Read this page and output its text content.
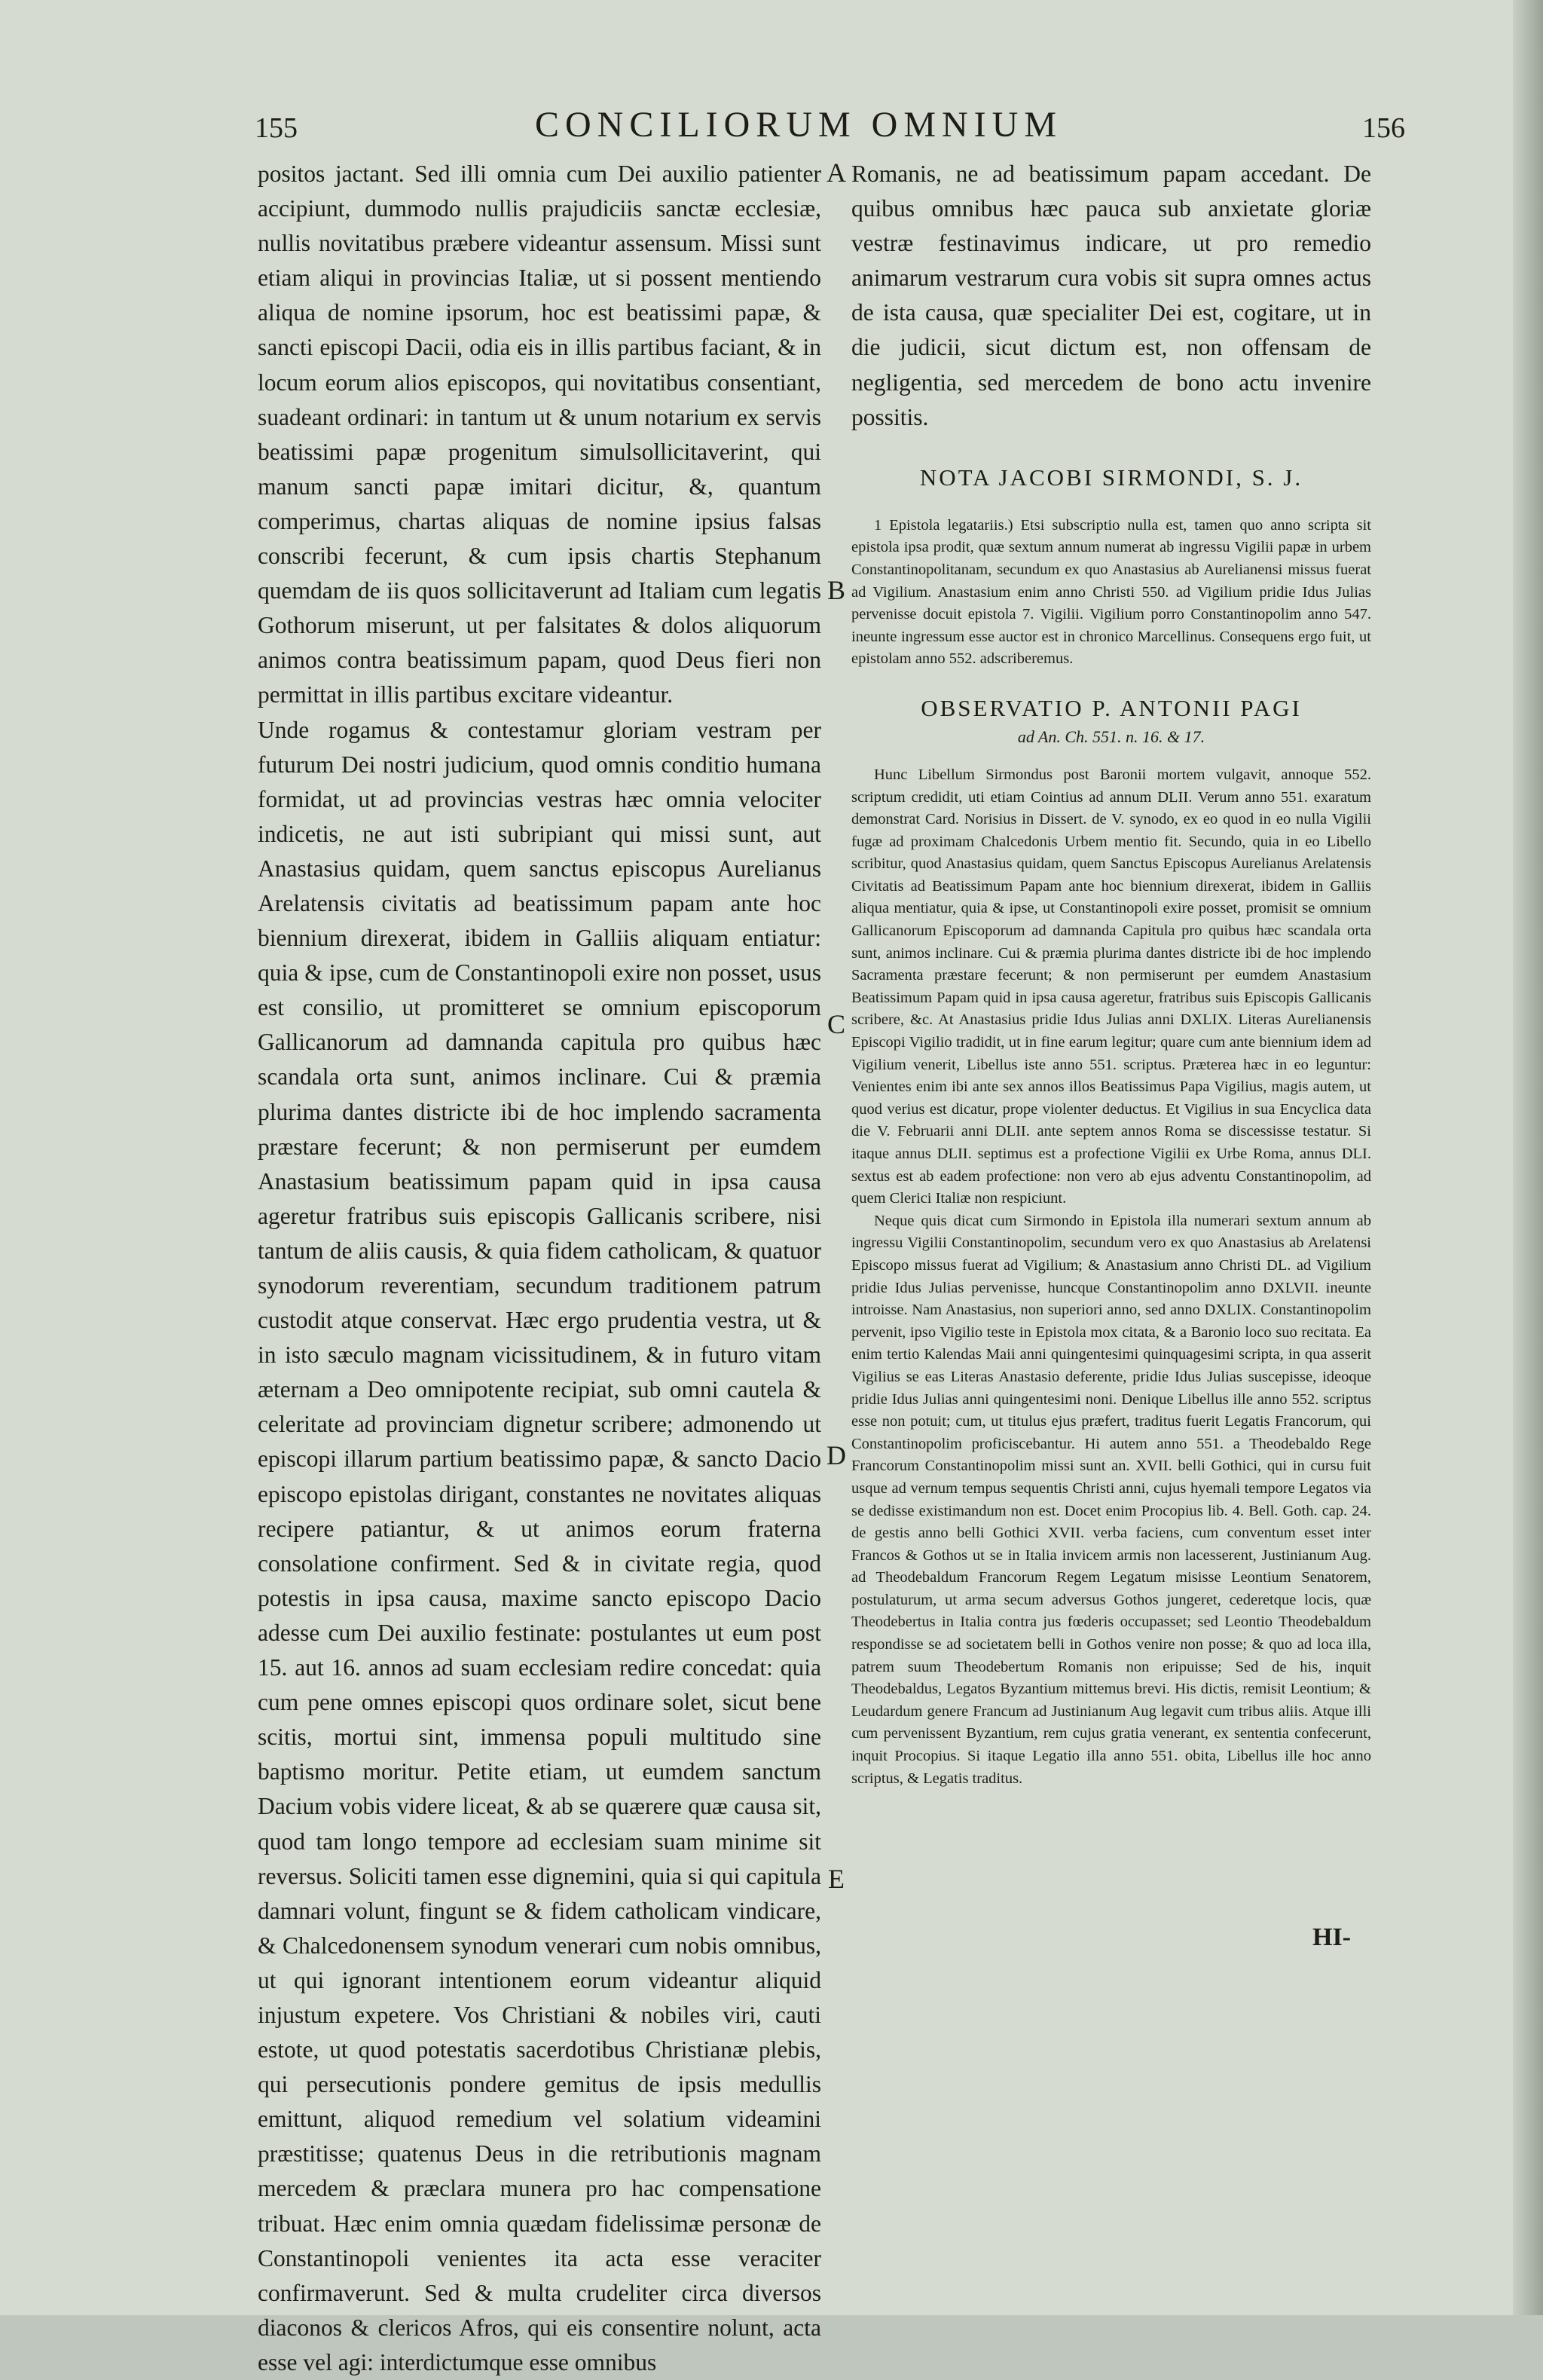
155	CONCILIORUM OMNIUM	156

positos jactant. Sed illi omnia cum Dei auxilio patienter accipiunt, dummodo nullis prajudiciis sanctæ ecclesiæ, nullis novitatibus præbere videantur assensum. Missi sunt etiam aliqui in provincias Italiæ, ut si possent mentiendo aliqua de nomine ipsorum, hoc est beatissimi papæ, & sancti episcopi Dacii, odia eis in illis partibus faciant, & in locum eorum alios episcopos, qui novitatibus consentiant, suadeant ordinari: in tantum ut & unum notarium ex servis beatissimi papæ progenitum simulsollicitaverint, qui manum sancti papæ imitari dicitur, &, quantum comperimus, chartas aliquas de nomine ipsius falsas conscribi fecerunt, & cum ipsis chartis Stephanum quemdam de iis quos sollicitaverunt ad Italiam cum legatis Gothorum miserunt, ut per falsitates & dolos aliquorum animos contra beatissimum papam, quod Deus fieri non permittat in illis partibus excitare videantur.

Unde rogamus & contestamur gloriam vestram per futurum Dei nostri judicium, quod omnis conditio humana formidat, ut ad provincias vestras hæc omnia velociter indicetis, ne aut isti subripiant qui missi sunt, aut Anastasius quidam, quem sanctus episcopus Aurelianus Arelatensis civitatis ad beatissimum papam ante hoc biennium direxerat, ibidem in Galliis aliquam entiatur: quia & ipse, cum de Constantinopoli exire non posset, usus est consilio, ut promitteret se omnium episcoporum Gallicanorum ad damnanda capitula pro quibus hæc scandala orta sunt, animos inclinare. Cui & præmia plurima dantes districte ibi de hoc implendo sacramenta præstare fecerunt; & non permiserunt per eumdem Anastasium beatissimum papam quid in ipsa causa ageretur fratribus suis episcopis Gallicanis scribere, nisi tantum de aliis causis, & quia fidem catholicam, & quatuor synodorum reverentiam, secundum traditionem patrum custodit atque conservat. Hæc ergo prudentia vestra, ut & in isto sæculo magnam vicissitudinem, & in futuro vitam æternam a Deo omnipotente recipiat, sub omni cautela & celeritate ad provinciam dignetur scribere; admonendo ut episcopi illarum partium beatissimo papæ, & sancto Dacio episcopo epistolas dirigant, constantes ne novitates aliquas recipere patiantur, & ut animos eorum fraterna consolatione confirment. Sed & in civitate regia, quod potestis in ipsa causa, maxime sancto episcopo Dacio adesse cum Dei auxilio festinate: postulantes ut eum post 15. aut 16. annos ad suam ecclesiam redire concedat: quia cum pene omnes episcopi quos ordinare solet, sicut bene scitis, mortui sint, immensa populi multitudo sine baptismo moritur. Petite etiam, ut eumdem sanctum Dacium vobis videre liceat, & ab se quærere quæ causa sit, quod tam longo tempore ad ecclesiam suam minime sit reversus. Soliciti tamen esse dignemini, quia si qui capitula damnari volunt, fingunt se & fidem catholicam vindicare, & Chalcedonensem synodum venerari cum nobis omnibus, ut qui ignorant intentionem eorum videantur aliquid injustum expetere. Vos Christiani & nobiles viri, cauti estote, ut quod potestatis sacerdotibus Christianæ plebis, qui persecutionis pondere gemitus de ipsis medullis emittunt, aliquod remedium vel solatium videamini præstitisse; quatenus Deus in die retributionis magnam mercedem & præclara munera pro hac compensatione tribuat. Hæc enim omnia quædam fidelissimæ personæ de Constantinopoli venientes ita acta esse veraciter confirmaverunt. Sed & multa crudeliter circa diversos diaconos & clericos Afros, qui eis consentire nolunt, acta esse vel agi: interdictumque esse omnibus

A
B
C
D
E

Romanis, ne ad beatissimum papam accedant. De quibus omnibus hæc pauca sub anxietate gloriæ vestræ festinavimus indicare, ut pro remedio animarum vestrarum cura vobis sit supra omnes actus de ista causa, quæ specialiter Dei est, cogitare, ut in die judicii, sicut dictum est, non offensam de negligentia, sed mercedem de bono actu invenire possitis.

NOTA JACOBI SIRMONDI, S. J.

1 Epistola legatariis.) Etsi subscriptio nulla est, tamen quo anno scripta sit epistola ipsa prodit, quæ sextum annum numerat ab ingressu Vigilii papæ in urbem Constantinopolitanam, secundum ex quo Anastasius ab Aurelianensi missus fuerat ad Vigilium. Anastasium enim anno Christi 550. ad Vigilium pridie Idus Julias pervenisse docuit epistola 7. Vigilii. Vigilium porro Constantinopolim anno 547. ineunte ingressum esse auctor est in chronico Marcellinus. Consequens ergo fuit, ut epistolam anno 552. adscriberemus.

OBSERVATIO P. ANTONII PAGI
ad An. Ch. 551. n. 16. & 17.

Hunc Libellum Sirmondus post Baronii mortem vulgavit, annoque 552. scriptum credidit, uti etiam Cointius ad annum DLII. Verum anno 551. exaratum demonstrat Card. Norisius in Dissert. de V. synodo, ex eo quod in eo nulla Vigilii fugæ ad proximam Chalcedonis Urbem mentio fit. Secundo, quia in eo Libello scribitur, quod Anastasius quidam, quem Sanctus Episcopus Aurelianus Arelatensis Civitatis ad Beatissimum Papam ante hoc biennium direxerat, ibidem in Galliis aliqua mentiatur, quia & ipse, ut Constantinopoli exire posset, promisit se omnium Gallicanorum Episcoporum ad damnanda Capitula pro quibus hæc scandala orta sunt, animos inclinare. Cui & præmia plurima dantes districte ibi de hoc implendo Sacramenta præstare fecerunt; & non permiserunt per eumdem Anastasium Beatissimum Papam quid in ipsa causa ageretur, fratribus suis Episcopis Gallicanis scribere, &c. At Anastasius pridie Idus Julias anni DXLIX. Literas Aurelianensis Episcopi Vigilio tradidit, ut in fine earum legitur; quare cum ante biennium idem ad Vigilium venerit, Libellus iste anno 551. scriptus. Præterea hæc in eo leguntur: Venientes enim ibi ante sex annos illos Beatissimus Papa Vigilius, magis autem, ut quod verius est dicatur, prope violenter deductus. Et Vigilius in sua Encyclica data die V. Februarii anni DLII. ante septem annos Roma se discessisse testatur. Si itaque annus DLII. septimus est a profectione Vigilii ex Urbe Roma, annus DLI. sextus est ab eadem profectione: non vero ab ejus adventu Constantinopolim, ad quem Clerici Italiæ non respiciunt.

Neque quis dicat cum Sirmondo in Epistola illa numerari sextum annum ab ingressu Vigilii Constantinopolim, secundum vero ex quo Anastasius ab Arelatensi Episcopo missus fuerat ad Vigilium; & Anastasium anno Christi DL. ad Vigilium pridie Idus Julias pervenisse, huncque Constantinopolim anno DXLVII. ineunte introisse. Nam Anastasius, non superiori anno, sed anno DXLIX. Constantinopolim pervenit, ipso Vigilio teste in Epistola mox citata, & a Baronio loco suo recitata. Ea enim tertio Kalendas Maii anni quingentesimi quinquagesimi scripta, in qua asserit Vigilius se eas Literas Anastasio deferente, pridie Idus Julias suscepisse, ideoque pridie Idus Julias anni quingentesimi noni. Denique Libellus ille anno 552. scriptus esse non potuit; cum, ut titulus ejus præfert, traditus fuerit Legatis Francorum, qui Constantinopolim proficiscebantur. Hi autem anno 551. a Theodebaldo Rege Francorum Constantinopolim missi sunt an. XVII. belli Gothici, qui in cursu fuit usque ad vernum tempus sequentis Christi anni, cujus hyemali tempore Legatos via se dedisse existimandum non est. Docet enim Procopius lib. 4. Bell. Goth. cap. 24. de gestis anno belli Gothici XVII. verba faciens, cum conventum esset inter Francos & Gothos ut se in Italia invicem armis non lacesserent, Justinianum Aug. ad Theodebaldum Francorum Regem Legatum misisse Leontium Senatorem, postulaturum, ut arma secum adversus Gothos jungeret, cederetque locis, quæ Theodebertus in Italia contra jus fœderis occupasset; sed Leontio Theodebaldum respondisse se ad societatem belli in Gothos venire non posse; & quo ad loca illa, patrem suum Theodebertum Romanis non eripuisse; Sed de his, inquit Theodebaldus, Legatos Byzantium mittemus brevi. His dictis, remisit Leontium; & Leudardum genere Francum ad Justinianum Aug legavit cum tribus aliis. Atque illi cum pervenissent Byzantium, rem cujus gratia venerant, ex sententia confecerunt, inquit Procopius. Si itaque Legatio illa anno 551. obita, Libellus ille hoc anno scriptus, & Legatis traditus.

HI-
